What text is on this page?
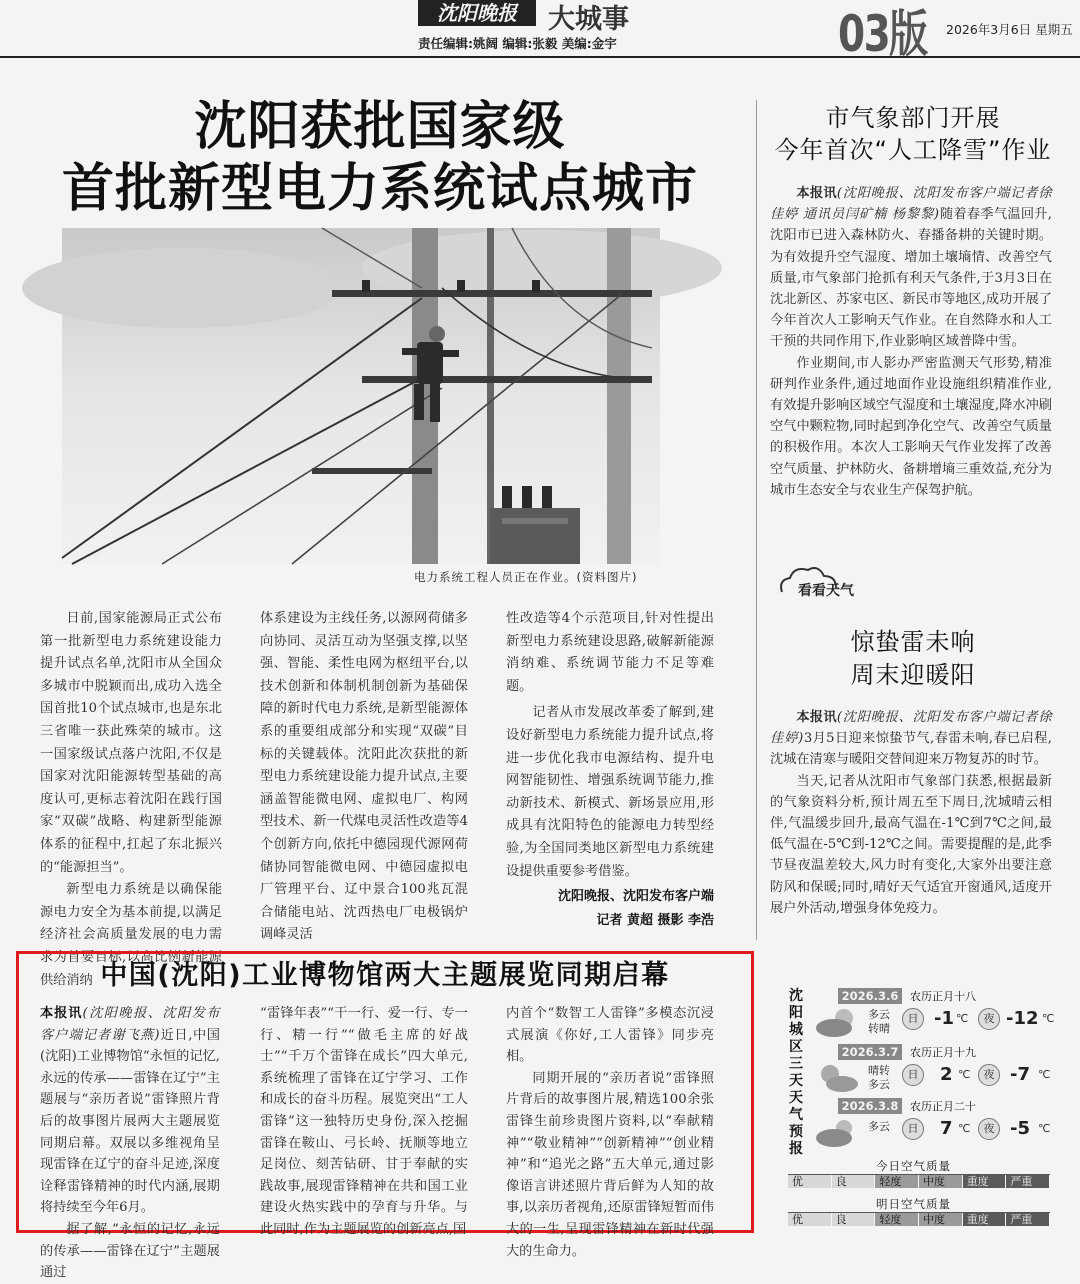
沈阳晚报	大城事
责任编辑:姚阔 编辑:张毅 美编:金宇	03版 2026年3月6日 星期五
沈阳获批国家级
首批新型电力系统试点城市
电力系统工程人员正在作业。(资料图片)

日前,国家能源局正式公布第一批新型电力系统建设能力提升试点名单,沈阳市从全国众多城市中脱颖而出,成功入选全国首批10个试点城市,也是东北三省唯一获此殊荣的城市。这一国家级试点落户沈阳,不仅是国家对沈阳能源转型基础的高度认可,更标志着沈阳在践行国家“双碳”战略、构建新型能源体系的征程中,扛起了东北振兴的“能源担当”。

新型电力系统是以确保能源电力安全为基本前提,以满足经济社会高质量发展的电力需求为首要目标,以高比例新能源供给消纳

体系建设为主线任务,以源网荷储多向协同、灵活互动为坚强支撑,以坚强、智能、柔性电网为枢纽平台,以技术创新和体制机制创新为基础保障的新时代电力系统,是新型能源体系的重要组成部分和实现“双碳”目标的关键载体。沈阳此次获批的新型电力系统建设能力提升试点,主要涵盖智能微电网、虚拟电厂、构网型技术、新一代煤电灵活性改造等4个创新方向,依托中德园现代源网荷储协同智能微电网、中德园虚拟电厂管理平台、辽中景合100兆瓦混合储能电站、沈西热电厂电极锅炉调峰灵活

性改造等4个示范项目,针对性提出新型电力系统建设思路,破解新能源消纳难、系统调节能力不足等难题。

记者从市发展改革委了解到,建设好新型电力系统能力提升试点,将进一步优化我市电源结构、提升电网智能韧性、增强系统调节能力,推动新技术、新模式、新场景应用,形成具有沈阳特色的能源电力转型经验,为全国同类地区新型电力系统建设提供重要参考借鉴。

沈阳晚报、沈阳发布客户端
记者 黄超 摄影 李浩
中国(沈阳)工业博物馆两大主题展览同期启幕

本报讯(沈阳晚报、沈阳发布客户端记者谢飞燕)近日,中国(沈阳)工业博物馆“永恒的记忆,永远的传承——雷锋在辽宁”主题展与“亲历者说”雷锋照片背后的故事图片展两大主题展览同期启幕。双展以多维视角呈现雷锋在辽宁的奋斗足迹,深度诠释雷锋精神的时代内涵,展期将持续至今年6月。

据了解,“永恒的记忆,永远的传承——雷锋在辽宁”主题展通过

“雷锋年表”“干一行、爱一行、专一行、精一行”“做毛主席的好战士”“千万个雷锋在成长”四大单元,系统梳理了雷锋在辽宁学习、工作和成长的奋斗历程。展览突出“工人雷锋”这一独特历史身份,深入挖掘雷锋在鞍山、弓长岭、抚顺等地立足岗位、刻苦钻研、甘于奉献的实践故事,展现雷锋精神在共和国工业建设火热实践中的孕育与升华。与此同时,作为主题展览的创新亮点,国

内首个“数智工人雷锋”多模态沉浸式展演《你好,工人雷锋》同步亮相。

同期开展的“亲历者说”雷锋照片背后的故事图片展,精选100余张雷锋生前珍贵图片资料,以“奉献精神”“敬业精神”“创新精神”“创业精神”和“追光之路”五大单元,通过影像语言讲述照片背后鲜为人知的故事,以亲历者视角,还原雷锋短暂而伟大的一生,呈现雷锋精神在新时代强大的生命力。

市气象部门开展
今年首次“人工降雪”作业

本报讯(沈阳晚报、沈阳发布客户端记者徐佳婷 通讯员闫矿楠 杨黎黎)随着春季气温回升,沈阳市已进入森林防火、春播备耕的关键时期。为有效提升空气湿度、增加土壤墒情、改善空气质量,市气象部门抢抓有利天气条件,于3月3日在沈北新区、苏家屯区、新民市等地区,成功开展了今年首次人工影响天气作业。在自然降水和人工干预的共同作用下,作业影响区域普降中雪。

作业期间,市人影办严密监测天气形势,精准研判作业条件,通过地面作业设施组织精准作业,有效提升影响区域空气湿度和土壤湿度,降水冲刷空气中颗粒物,同时起到净化空气、改善空气质量的积极作用。本次人工影响天气作业发挥了改善空气质量、护林防火、备耕增墒三重效益,充分为城市生态安全与农业生产保驾护航。

看看天气
惊蛰雷未响
周末迎暖阳

本报讯(沈阳晚报、沈阳发布客户端记者徐佳婷)3月5日迎来惊蛰节气,春雷未响,春已启程,沈城在清寒与暖阳交替间迎来万物复苏的时节。

当天,记者从沈阳市气象部门获悉,根据最新的气象资料分析,预计周五至下周日,沈城晴云相伴,气温缓步回升,最高气温在-1℃到7℃之间,最低气温在-5℃到-12℃之间。需要提醒的是,此季节昼夜温差较大,风力时有变化,大家外出要注意防风和保暖;同时,晴好天气适宜开窗通风,适度开展户外活动,增强身体免疫力。

沈阳城区三天天气预报
2026.3.6	农历正月十八
多云
转晴
日 -1 ℃	夜 -12 ℃
2026.3.7	农历正月十九
晴转
多云
日	2 ℃	夜 -7 ℃
2026.3.8	农历正月二十
多云	日	7 ℃	夜 -5 ℃
今日空气质量
优	良	轻度	中度	重度	严重
明日空气质量
优	良	轻度	中度	重度	严重
